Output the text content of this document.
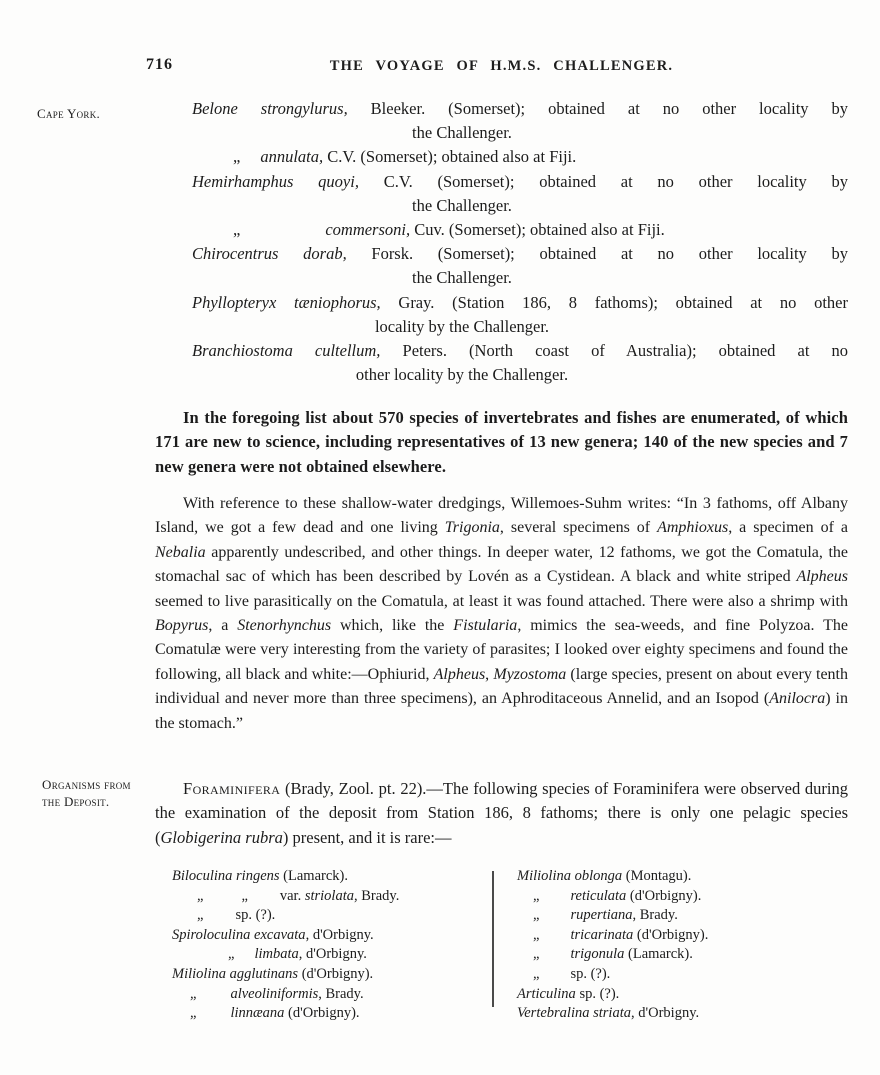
716	THE VOYAGE OF H.M.S. CHALLENGER.
Cape York.
Organisms from
the Deposit.
Belone strongylurus, Bleeker. (Somerset); obtained at no other locality by
the Challenger.
„ annulata, C.V. (Somerset); obtained also at Fiji.
Hemirhamphus quoyi, C.V. (Somerset); obtained at no other locality by
the Challenger.
„	commersoni, Cuv. (Somerset); obtained also at Fiji.
Chirocentrus dorab, Forsk. (Somerset); obtained at no other locality by
the Challenger.
Phyllopteryx tæniophorus, Gray. (Station 186, 8 fathoms); obtained at no other
locality by the Challenger.
Branchiostoma cultellum, Peters. (North coast of Australia); obtained at no
other locality by the Challenger.
In the foregoing list about 570 species of invertebrates and fishes are enumerated, of which 171 are new to science, including representatives of 13 new genera; 140 of the new species and 7 new genera were not obtained elsewhere.
With reference to these shallow-water dredgings, Willemoes-Suhm writes: “In 3 fathoms, off Albany Island, we got a few dead and one living Trigonia, several specimens of Amphioxus, a specimen of a Nebalia apparently undescribed, and other things. In deeper water, 12 fathoms, we got the Comatula, the stomachal sac of which has been described by Lovén as a Cystidean. A black and white striped Alpheus seemed to live parasitically on the Comatula, at least it was found attached. There were also a shrimp with Bopyrus, a Stenorhynchus which, like the Fistularia, mimics the sea-weeds, and fine Polyzoa. The Comatulæ were very interesting from the variety of parasites; I looked over eighty specimens and found the following, all black and white:—Ophiurid, Alpheus, Myzostoma (large species, present on about every tenth individual and never more than three specimens), an Aphroditaceous Annelid, and an Isopod (Anilocra) in the stomach.”
Foraminifera (Brady, Zool. pt. 22).—The following species of Foraminifera were observed during the examination of the deposit from Station 186, 8 fathoms; there is only one pelagic species (Globigerina rubra) present, and it is rare:—
Biloculina ringens (Lamarck).
„	„ var. striolata, Brady.
„ sp. (?).
Spiroloculina excavata, d'Orbigny.
„ limbata, d'Orbigny.
Miliolina agglutinans (d'Orbigny).
„ alveoliniformis, Brady.
„ linnæana (d'Orbigny).
Miliolina oblonga (Montagu).
„ reticulata (d'Orbigny).
„ rupertiana, Brady.
„ tricarinata (d'Orbigny).
„ trigonula (Lamarck).
„ sp. (?).
Articulina sp. (?).
Vertebralina striata, d'Orbigny.
